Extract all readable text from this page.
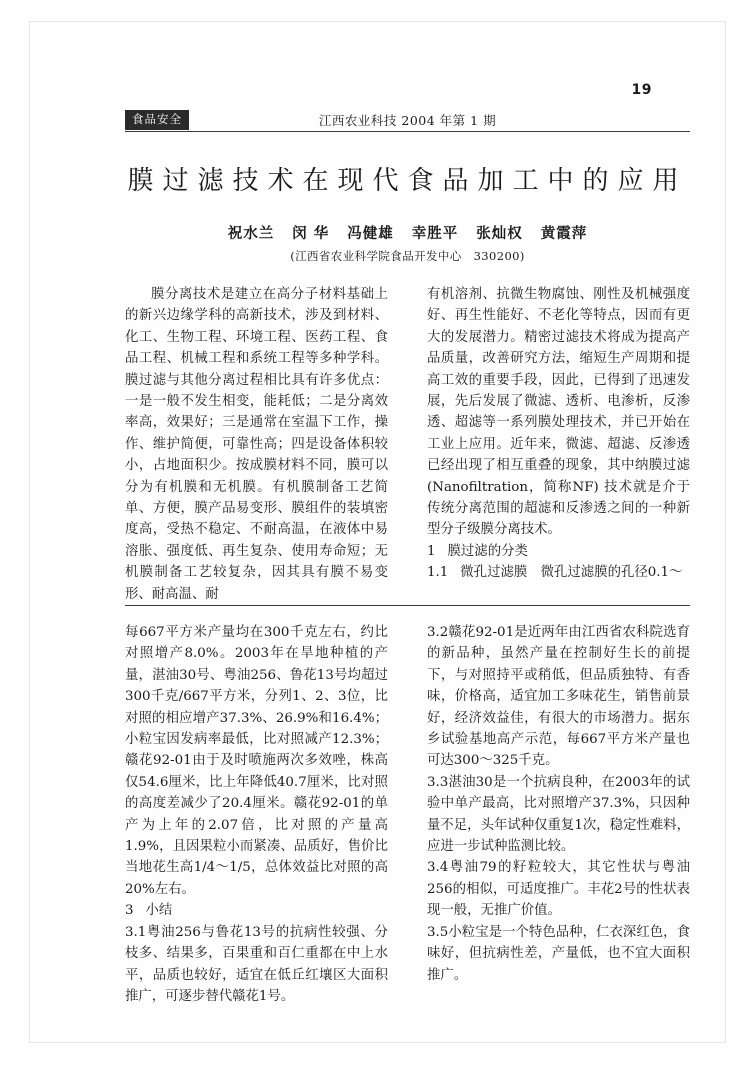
19
江西农业科技 2004 年第 1 期
食品安全
膜过滤技术在现代食品加工中的应用
祝水兰 闵 华 冯健雄 幸胜平 张灿权 黄霞萍
(江西省农业科学院食品开发中心　330200)

膜分离技术是建立在高分子材料基础上的新兴边缘学科的高新技术，涉及到材料、化工、生物工程、环境工程、医药工程、食品工程、机械工程和系统工程等多种学科。膜过滤与其他分离过程相比具有许多优点：一是一般不发生相变，能耗低；二是分离效率高，效果好；三是通常在室温下工作，操作、维护简便，可靠性高；四是设备体积较小，占地面积少。按成膜材料不同，膜可以分为有机膜和无机膜。有机膜制备工艺简单、方便，膜产品易变形、膜组件的装填密度高，受热不稳定、不耐高温，在液体中易溶胀、强度低、再生复杂、使用寿命短；无机膜制备工艺较复杂，因其具有膜不易变形、耐高温、耐

有机溶剂、抗微生物腐蚀、刚性及机械强度好、再生性能好、不老化等特点，因而有更大的发展潜力。精密过滤技术将成为提高产品质量，改善研究方法，缩短生产周期和提高工效的重要手段，因此，已得到了迅速发展，先后发展了微滤、透析、电渗析，反渗透、超滤等一系列膜处理技术，并已开始在工业上应用。近年来，微滤、超滤、反渗透已经出现了相互重叠的现象，其中纳膜过滤(Nanofiltration，简称NF) 技术就是介于传统分离范围的超滤和反渗透之间的一种新型分子级膜分离技术。

1 膜过滤的分类

1.1 微孔过滤膜　微孔过滤膜的孔径0.1～

每667平方米产量均在300千克左右，约比对照增产8.0%。2003年在旱地种植的产量，湛油30号、粤油256、鲁花13号均超过300千克/667平方米，分列1、2、3位，比对照的相应增产37.3%、26.9%和16.4%；小粒宝因发病率最低，比对照减产12.3%；赣花92-01由于及时喷施两次多效唑，株高仅54.6厘米，比上年降低40.7厘米，比对照的高度差减少了20.4厘米。赣花92-01的单产为上年的2.07倍，比对照的产量高1.9%，且因果粒小而紧凑、品质好，售价比当地花生高1/4～1/5，总体效益比对照的高20%左右。

3 小结

3.1粤油256与鲁花13号的抗病性较强、分枝多、结果多，百果重和百仁重都在中上水平，品质也较好，适宜在低丘红壤区大面积推广，可逐步替代赣花1号。

3.2赣花92-01是近两年由江西省农科院选育的新品种，虽然产量在控制好生长的前提下，与对照持平或稍低，但品质独特、有香味，价格高，适宜加工多味花生，销售前景好，经济效益佳，有很大的市场潜力。据东乡试验基地高产示范，每667平方米产量也可达300～325千克。

3.3湛油30是一个抗病良种，在2003年的试验中单产最高，比对照增产37.3%，只因种量不足，头年试种仅重复1次，稳定性难料，应进一步试种监测比较。

3.4粤油79的籽粒较大，其它性状与粤油256的相似，可适度推广。丰花2号的性状表现一般，无推广价值。

3.5小粒宝是一个特色品种，仁衣深红色，食味好，但抗病性差，产量低，也不宜大面积推广。
